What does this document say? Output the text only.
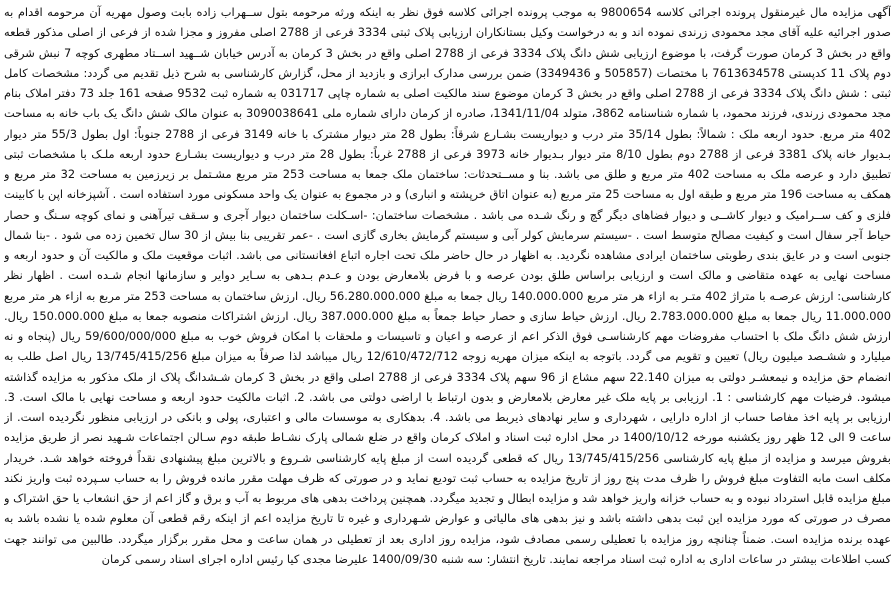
آگهی مزایده مال غیرمنقول پرونده اجرائی کلاسه 9800654 به موجب پرونده اجرائی کلاسه فوق نظر به اینکه ورثه مرحومه بتول ســهراب زاده بابت وصول مهریه آن مرحومه اقدام به صدور اجرائیه علیه آقای مجد محمودی زرندی نموده اند و به درخواست وکیل بستانکاران ارزیابی پلاک ثبتی 3334 فرعی از 2788 اصلی مفروز و مجزا شده از فرعی از اصلی مذکور قطعه واقع در بخش 3 کرمان صورت گرفت، با موضوع ارزیابی شش دانگ پلاک 3334 فرعی از 2788 اصلی واقع در بخش 3 کرمان به آدرس خیابان شــهید اســتاد مطهری کوچه 7 نبش شرقی دوم پلاک 11 کدپستی 7613634578 با مختصات (505857 و 3349436) ضمن بررسی مدارک ابرازی و بازدید از محل، گزارش کارشناسی به شرح ذیل تقدیم می گردد: مشخصات کامل ثبتی : شش دانگ پلاک 3334 فرعی از 2788 اصلی واقع در بخش 3 کرمان موضوع سند مالکیت اصلی به شماره چاپی 031717 به شماره ثبت 9532 صفحه 161 جلد 73 دفتر املاک بنام مجد محمودی زرندی، فرزند محمود، با شماره شناسنامه 3862، متولد 1341/11/04، صادره از کرمان دارای شماره ملی 3090038641 به عنوان مالک شش دانگ یک باب خانه به مساحت 402 متر مربع. حدود اربعه ملک : شمالاً: بطول 35/14 متر درب و دیواریست بشـارع شرقاً: بطول 28 متر دیوار مشترک با خانه 3149 فرعی از 2788 جنوباً: اول بطول 55/3 متر دیوار بـدیوار خانه پلاک 3381 فرعی از 2788 دوم بطول 8/10 متر دیوار بـدیوار خانه 3973 فرعی از 2788 غرباً: بطول 28 متر درب و دیواریست بشـارع حدود اربعه ملـک با مشخصات ثبتی تطبیق دارد و عرصه ملک به مساحت 402 متر مربع و طلق می باشد. بنا و مســتحدثات: ساختمان ملک جمعا به مساحت 253 متر مربع مشـتمل بر زیرزمین به مساحت 32 متر مربع و همکف به مساحت 196 متر مربع و طبقه اول به مساحت 25 متر مربع (به عنوان اتاق خرپشته و انباری) و در مجموع به عنوان یک واحد مسکونی مورد استفاده است . آشپزخانه اپن با کابینت فلزی و کف ســرامیک و دیوار کاشــی و دیوار فضاهای دیگر گچ و رنگ شـده می باشد . مشخصات ساختمان: -اسـکلت ساختمان دیوار آجری و سـقف تیرآهنی و نمای کوچه سـنگ و حصار حیاط آجر سفال است و کیفیت مصالح متوسط است . -سیستم سرمایش کولر آبی و سیستم گرمایش بخاری گازی است . -عمر تقریبی بنا بیش از 30 سال تخمین زده می شود . -بنا شمال جنوبی است و در عایق بندی رطوبتی ساختمان ایرادی مشاهده نگردید. به اظهار در حال حاضر ملک تحت اجاره اتباع افغانستانی می باشد. اثبات موقعیت ملک و مالکیت آن و حدود اربعه و مساحت نهایی به عهده متقاضی و مالک است و ارزیابی براساس طلق بودن عرصه و با فرض بلامعارض بودن و عـدم بـدهی به سـایر دوایر و سازمانها انجام شـده است . اظهار نظر کارشناسی: ارزش عرصـه با متراژ 402 متـر به ازاء هر متر مربع 140.000.000 ریال جمعا به مبلغ 56.280.000.000 ریال. ارزش ساختمان به مساحت 253 متر مربع به ازاء هر متر مربع 11.000.000 ریال جمعا به مبلغ 2.783.000.000 ریال. ارزش حیاط سازی و حصار حیاط جمعاً به مبلغ 387.000.000 ریال. ارزش اشتراکات منصوبه جمعا به مبلغ 150.000.000 ریال. ارزش شش دانگ ملک با احتساب مفروضات مهم کارشناسـی فوق الذکر اعم از عرصه و اعیان و تاسیسات و ملحقات با امکان فروش خوب به مبلغ 59/600/000/000 ریال (پنجاه و نه میلیارد و ششـصد میلیون ریال) تعیین و تقویم می گردد. باتوجه به اینکه میزان مهریه زوجه 12/610/472/712 ریال میباشد لذا صرفاً به میزان مبلغ 13/745/415/256 ریال اصل طلب به انضمام حق مزایده و نیمعشـر دولتی به میزان 22.140 سهم مشاع از 96 سهم پلاک 3334 فرعی از 2788 اصلی واقع در بخش 3 کرمان شـشدانگ پلاک از ملک مذکور به مزایده گذاشته میشود. فرضیات مهم کارشناسی : 1. ارزیابی بر پایه ملک غیر معارض بلامعارض و بدون ارتباط با اراضی دولتی می باشد. 2. اثبات مالکیت حدود اربعه و مساحت نهایی با مالک است. 3. ارزیابی بر پایه اخذ مفاصا حساب از اداره دارایی ، شهرداری و سایر نهادهای ذیربط می باشد. 4. بدهکاری به موسسات مالی و اعتباری، پولی و بانکی در ارزیابی منظور نگردیده است. از ساعت 9 الی 12 ظهر روز یکشنبه مورخه 1400/10/12 در محل اداره ثبت اسناد و املاک کرمان واقع در ضلع شمالی پارک نشـاط طبقه دوم سـالن اجتماعات شـهید نصر از طریق مزایده بفروش میرسد و مزایده از مبلغ پایه کارشناسی 13/745/415/256 ریال که قطعی گردیده است از مبلغ پایه کارشناسی شـروع و بالاترین مبلغ پیشنهادی نقداً فروخته خواهد شـد. خریدار مکلف است مابه التفاوت مبلغ فروش را ظرف مدت پنج روز از تاریخ مزایده به حساب ثبت تودیع نماید و در صورتی که ظرف مهلت مقرر مانده فروش را به حساب سـپرده ثبت واریز نکند مبلغ مزایده قابل استرداد نبوده و به حساب خزانه واریز خواهد شد و مزایده ابطال و تجدید میگردد. همچنین پرداخت بدهی های مربوط به آب و برق و گاز اعم از حق انشعاب یا حق اشتراک و مصرف در صورتی که مورد مزایده این ثبت بدهی داشته باشد و نیز بدهی های مالیاتی و عوارض شـهرداری و غیره تا تاریخ مزایده اعم از اینکه رقم قطعی آن معلوم شده یا نشده باشد به عهده برنده مزایده است. ضمناً چنانچه روز مزایده با تعطیلی رسمی مصادف شود، مزایده روز اداری بعد از تعطیلی در همان ساعت و محل مقرر برگزار میگردد. طالبین می توانند جهت کسب اطلاعات بیشتر در ساعات اداری به اداره ثبت اسناد مراجعه نمایند. تاریخ انتشار: سه شنبه 1400/09/30 علیرضا مجدی کیا رئیس اداره اجرای اسناد رسمی کرمان
